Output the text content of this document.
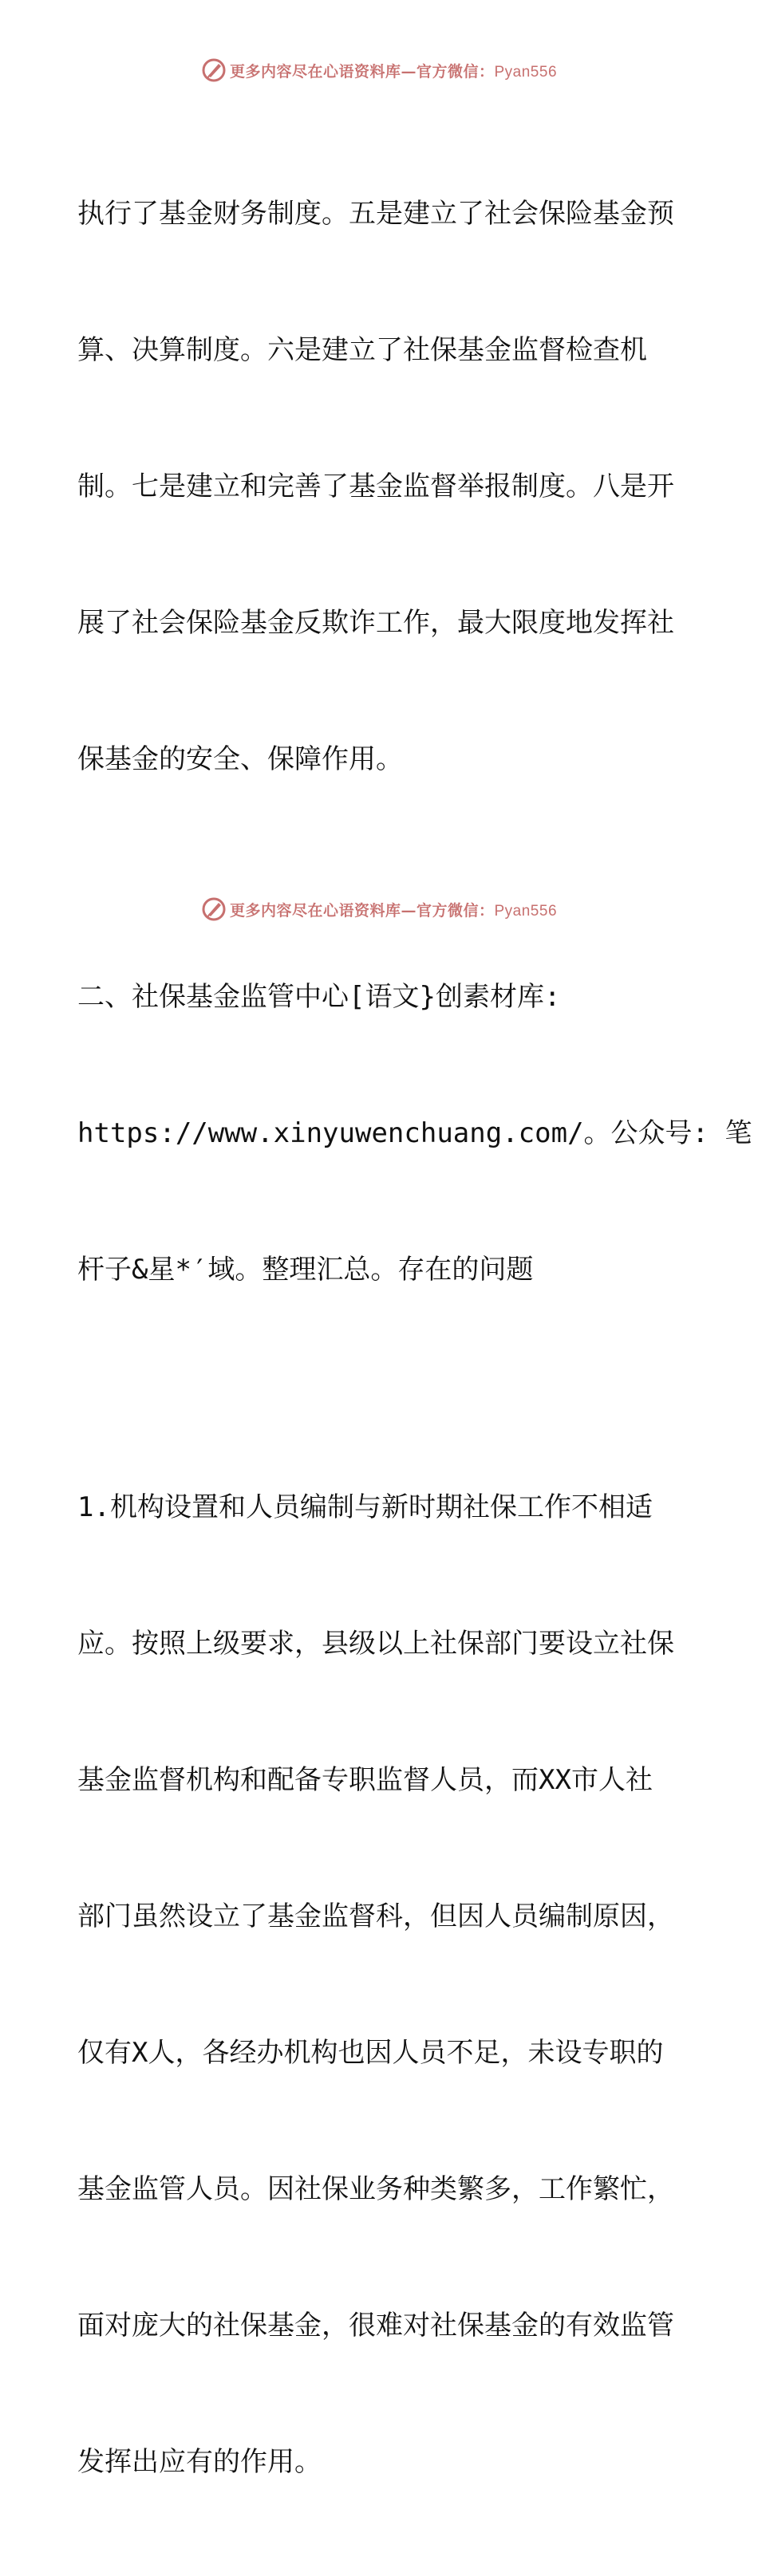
更多内容尽在心语资料库—官方微信：Pyan556

执行了基金财务制度。五是建立了社会保险基金预

算、决算制度。六是建立了社保基金监督检查机

制。七是建立和完善了基金监督举报制度。八是开

展了社会保险基金反欺诈工作，最大限度地发挥社

保基金的安全、保障作用。

二、社保基金监管中心[语文}创素材库:

https://www.xinyuwenchuang.com/。公众号: 笔

杆子&星*′域。整理汇总。存在的问题

1.机构设置和人员编制与新时期社保工作不相适

应。按照上级要求，县级以上社保部门要设立社保

基金监督机构和配备专职监督人员，而XX市人社

部门虽然设立了基金监督科，但因人员编制原因，

仅有X人，各经办机构也因人员不足，未设专职的

基金监管人员。因社保业务种类繁多，工作繁忙，

面对庞大的社保基金，很难对社保基金的有效监管

发挥出应有的作用。

更多内容尽在心语资料库—官方微信：Pyan556
